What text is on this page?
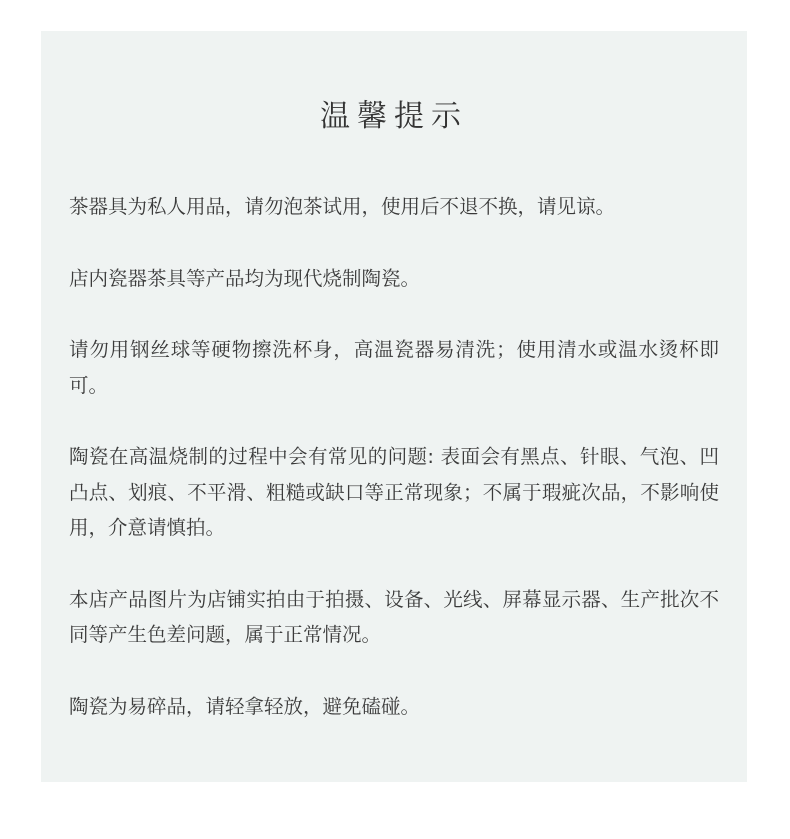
温馨提示
茶器具为私人用品，请勿泡茶试用，使用后不退不换，请见谅。
店内瓷器茶具等产品均为现代烧制陶瓷。
请勿用钢丝球等硬物擦洗杯身，高温瓷器易清洗；使用清水或温水烫杯即可。
陶瓷在高温烧制的过程中会有常见的问题: 表面会有黑点、针眼、气泡、凹凸点、划痕、不平滑、粗糙或缺口等正常现象；不属于瑕疵次品，不影响使用，介意请慎拍。
本店产品图片为店铺实拍由于拍摄、设备、光线、屏幕显示器、生产批次不同等产生色差问题，属于正常情况。
陶瓷为易碎品，请轻拿轻放，避免磕碰。
